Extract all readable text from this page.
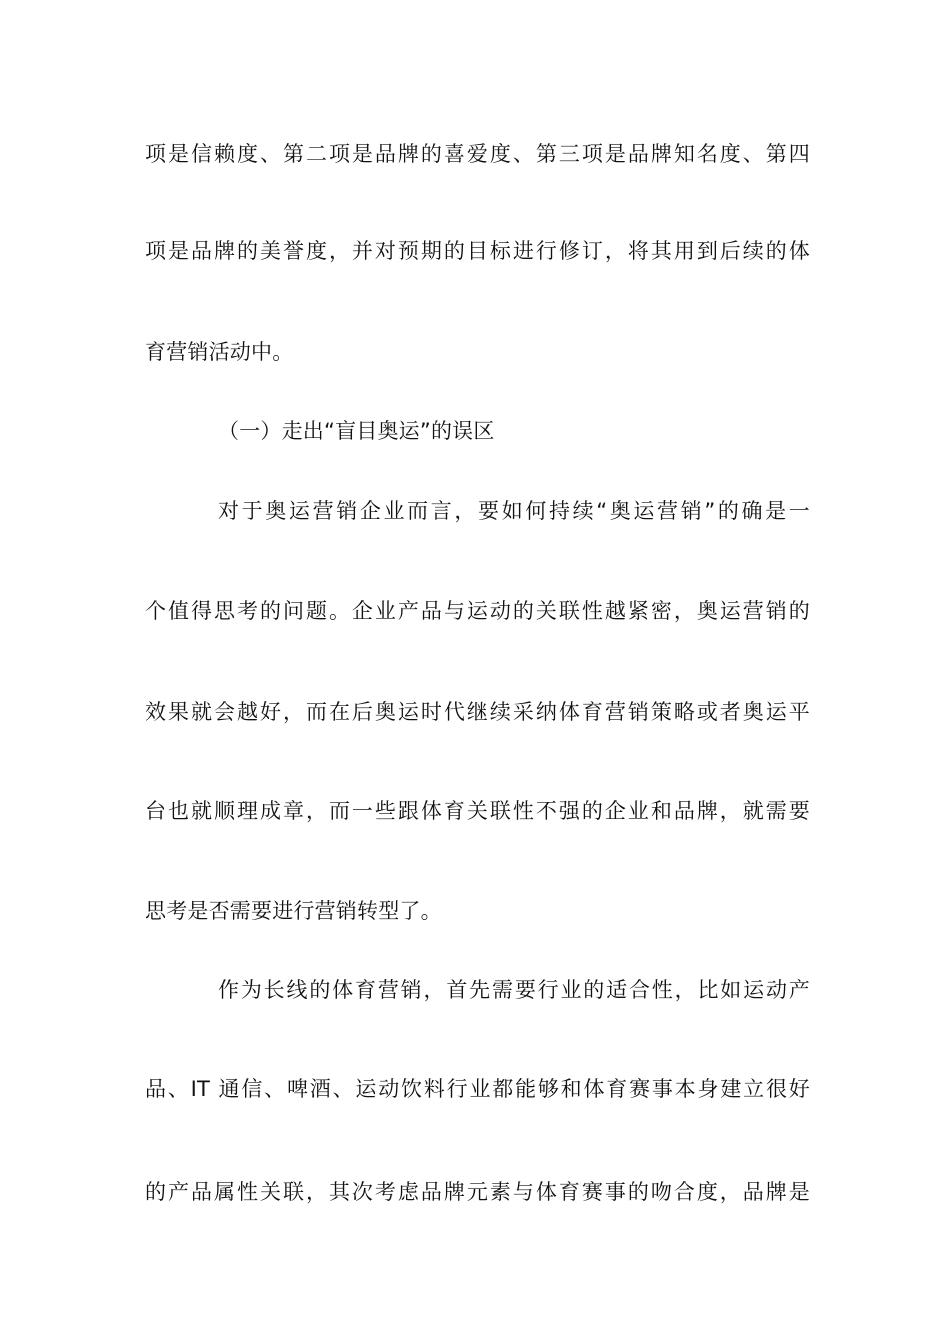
项是信赖度、第二项是品牌的喜爱度、第三项是品牌知名度、第四
项是品牌的美誉度，并对预期的目标进行修订，将其用到后续的体
育营销活动中。
（一）走出“盲目奥运”的误区
对于奥运营销企业而言，要如何持续“奥运营销”的确是一
个值得思考的问题。企业产品与运动的关联性越紧密，奥运营销的
效果就会越好，而在后奥运时代继续采纳体育营销策略或者奥运平
台也就顺理成章，而一些跟体育关联性不强的企业和品牌，就需要
思考是否需要进行营销转型了。
作为长线的体育营销，首先需要行业的适合性，比如运动产
品、IT 通信、啤酒、运动饮料行业都能够和体育赛事本身建立很好
的产品属性关联，其次考虑品牌元素与体育赛事的吻合度，品牌是
